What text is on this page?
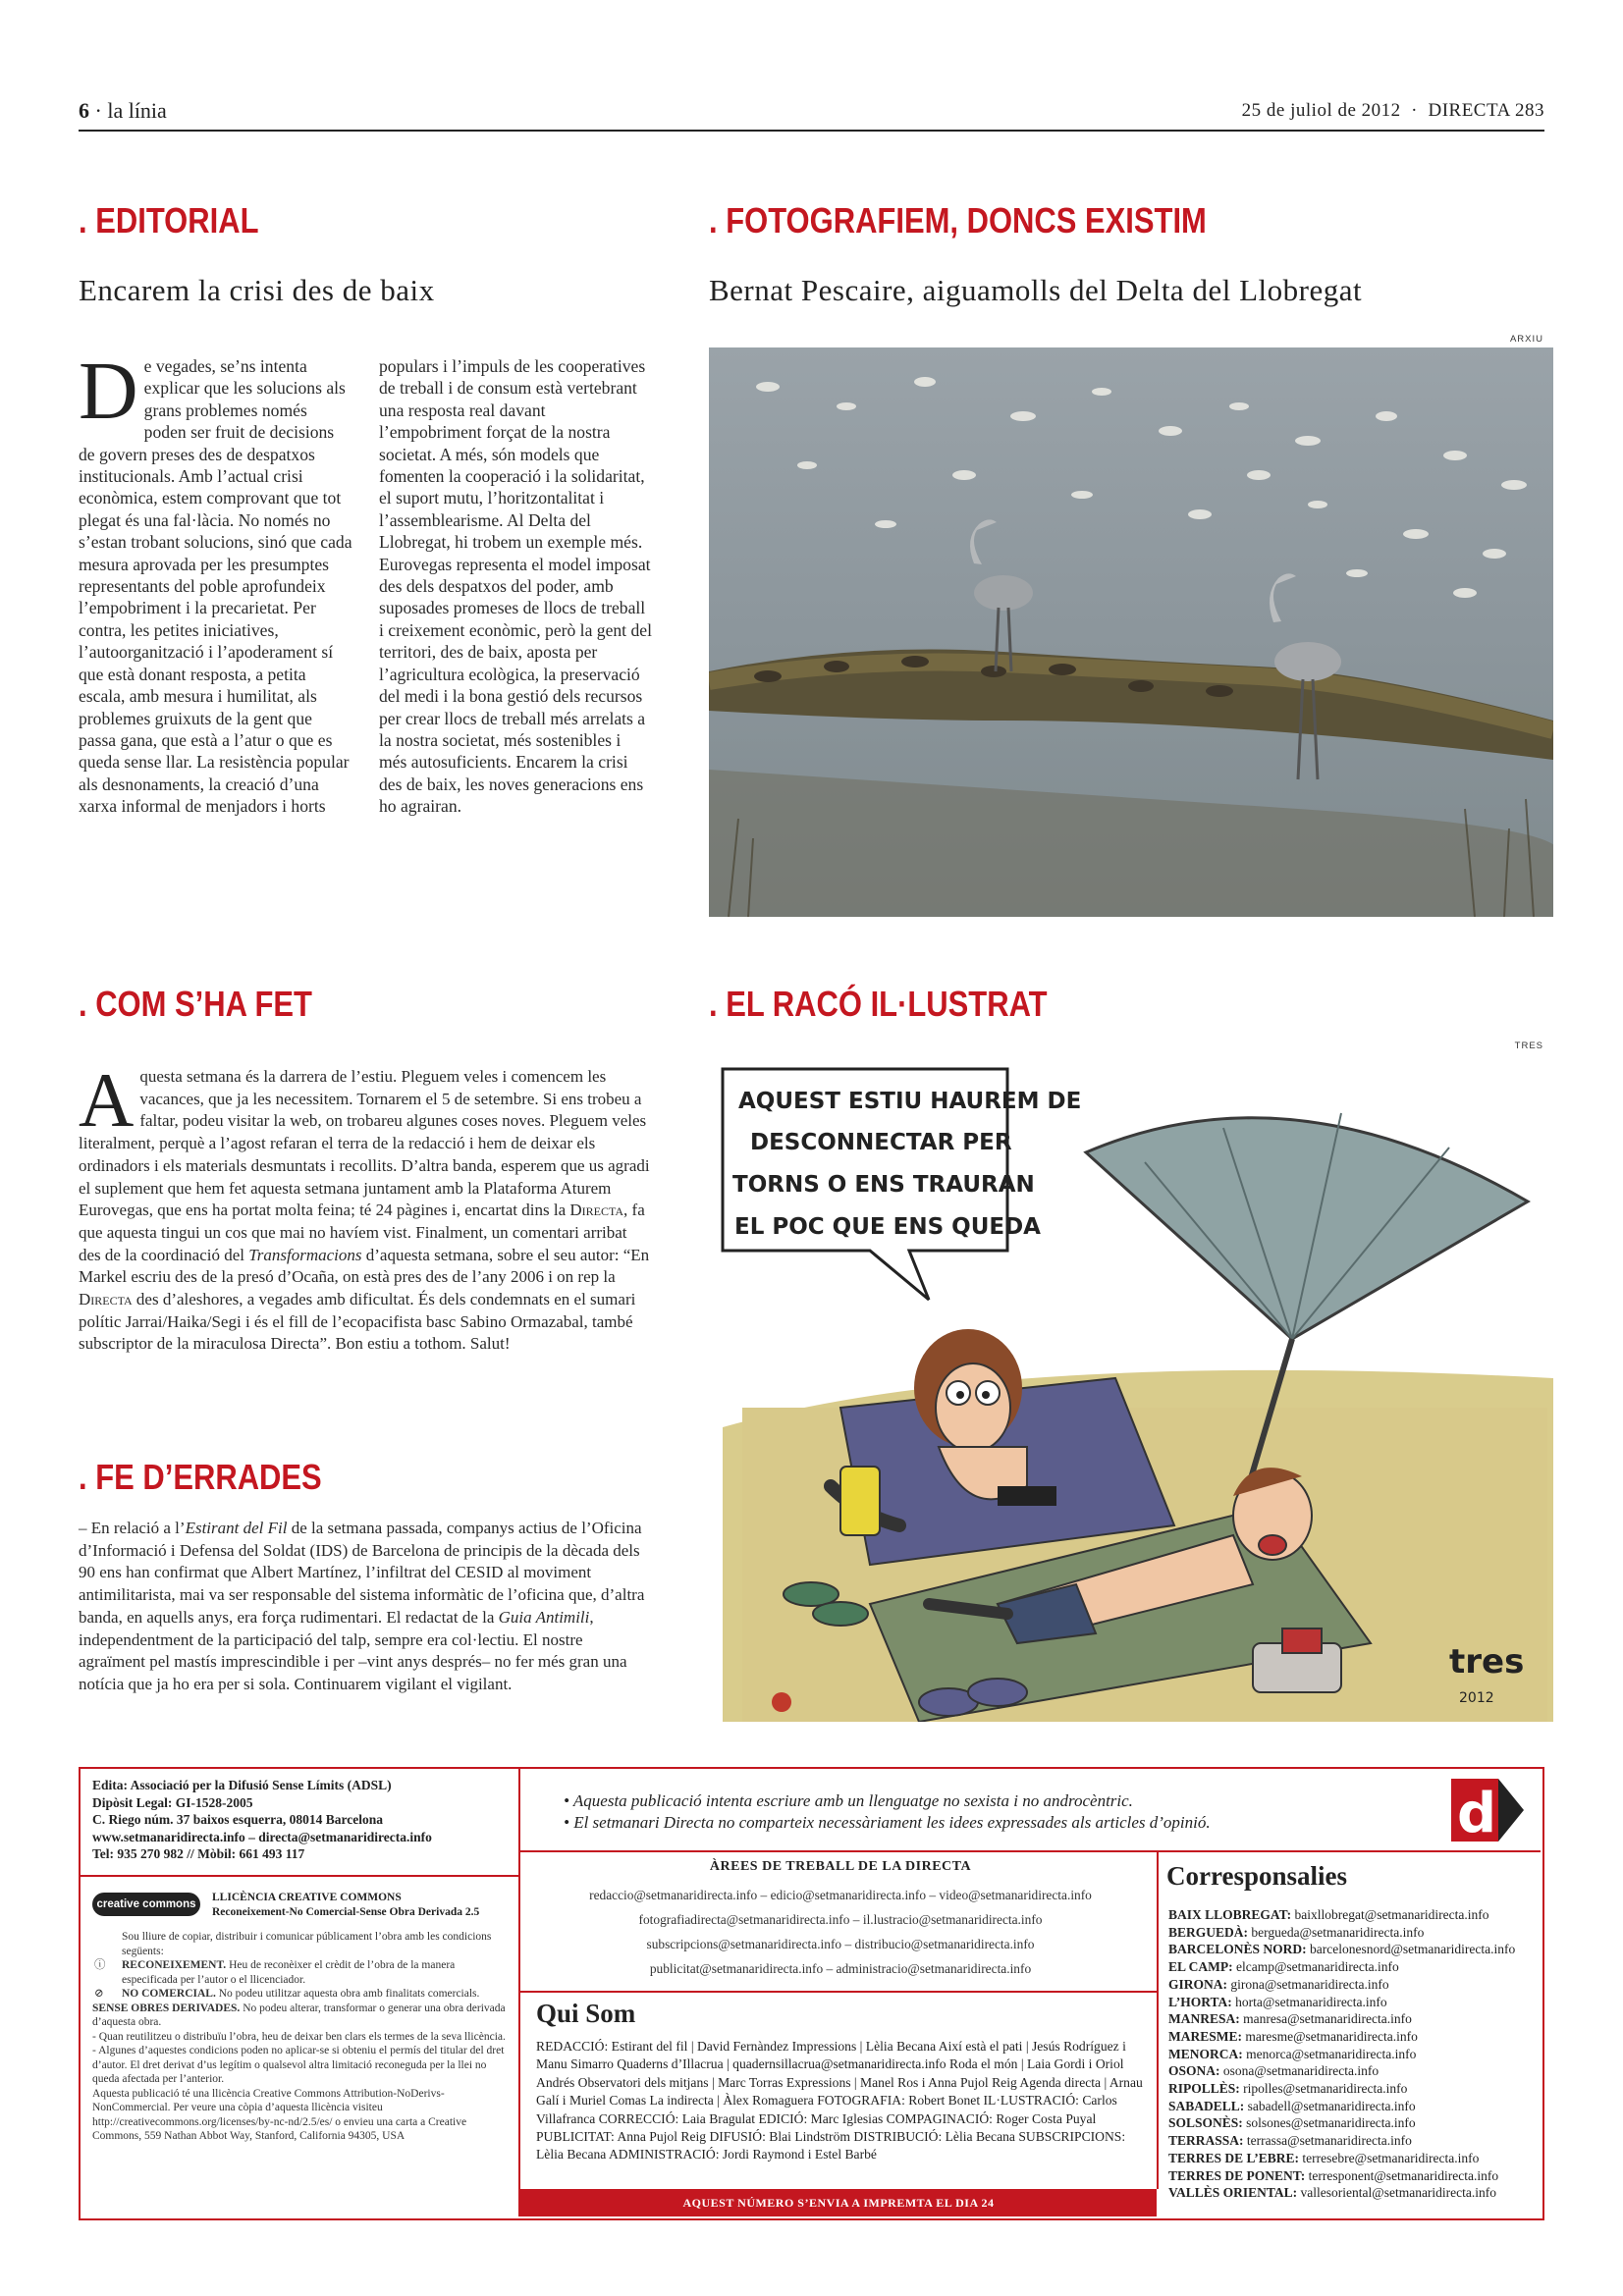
6 · la línia	25 de juliol de 2012  ·  DIRECTA 283
. EDITORIAL
Encarem la crisi des de baix
De vegades, se’ns intenta explicar que les solucions als grans problemes només poden ser fruit de decisions de govern preses des de despatxos institucionals. Amb l’actual crisi econòmica, estem comprovant que tot plegat és una fal·làcia. No només no s’estan trobant solucions, sinó que cada mesura aprovada per les presumptes representants del poble aprofundeix l’empobriment i la precarietat. Per contra, les petites iniciatives, l’autoorganització i l’apoderament sí que està donant resposta, a petita escala, amb mesura i humilitat, als problemes gruixuts de la gent que passa gana, que està a l’atur o que es queda sense llar. La resistència popular als desnonaments, la creació d’una xarxa informal de menjadors i horts
populars i l’impuls de les cooperatives de treball i de consum està vertebrant una resposta real davant l’empobriment forçat de la nostra societat. A més, són models que fomenten la cooperació i la solidaritat, el suport mutu, l’horitzontalitat i l’assemblearisme. Al Delta del Llobregat, hi trobem un exemple més. Eurovegas representa el model imposat des dels despatxos del poder, amb suposades promeses de llocs de treball i creixement econòmic, però la gent del territori, des de baix, aposta per l’agricultura ecològica, la preservació del medi i la bona gestió dels recursos per crear llocs de treball més arrelats a la nostra societat, més sostenibles i més autosuficients. Encarem la crisi des de baix, les noves generacions ens ho agrairan.
. FOTOGRAFIEM, DONCS EXISTIM
Bernat Pescaire, aiguamolls del Delta del Llobregat
ARXIU
. COM S’HA FET
Aquesta setmana és la darrera de l’estiu. Pleguem veles i comencem les vacances, que ja les necessitem. Tornarem el 5 de setembre. Si ens trobeu a faltar, podeu visitar la web, on trobareu algunes coses noves. Pleguem veles literalment, perquè a l’agost refaran el terra de la redacció i hem de deixar els ordinadors i els materials desmuntats i recollits. D’altra banda, esperem que us agradi el suplement que hem fet aquesta setmana juntament amb la Plataforma Aturem Eurovegas, que ens ha portat molta feina; té 24 pàgines i, encartat dins la Directa, fa que aquesta tingui un cos que mai no havíem vist. Finalment, un comentari arribat des de la coordinació del Transformacions d’aquesta setmana, sobre el seu autor: “En Markel escriu des de la presó d’Ocaña, on està pres des de l’any 2006 i on rep la Directa des d’aleshores, a vegades amb dificultat. És dels condemnats en el sumari polític Jarrai/Haika/Segi i és el fill de l’ecopacifista basc Sabino Ormazabal, també subscriptor de la miraculosa Directa”. Bon estiu a tothom. Salut!
. FE D’ERRADES
– En relació a l’Estirant del Fil de la setmana passada, companys actius de l’Oficina d’Informació i Defensa del Soldat (IDS) de Barcelona de principis de la dècada dels 90 ens han confirmat que Albert Martínez, l’infiltrat del CESID al moviment antimilitarista, mai va ser responsable del sistema informàtic de l’oficina que, d’altra banda, en aquells anys, era força rudimentari. El redactat de la Guia Antimili, independentment de la participació del talp, sempre era col·lectiu. El nostre agraïment pel mastís imprescindible i per –vint anys després– no fer més gran una notícia que ja ho era per si sola. Continuarem vigilant el vigilant.
. EL RACÓ IL·LUSTRAT
TRES
AQUEST ESTIU HAUREM DE
DESCONNECTAR PER
TORNS O ENS TRAURAN
EL POC QUE ENS QUEDA
tres
2012
Edita: Associació per la Difusió Sense Límits (ADSL)
Dipòsit Legal: GI-1528-2005
C. Riego núm. 37 baixos esquerra, 08014 Barcelona
www.setmanaridirecta.info – directa@setmanaridirecta.info
Tel: 935 270 982 // Mòbil: 661 493 117
creative commons
LLICÈNCIA CREATIVE COMMONS
Reconeixement-No Comercial-Sense Obra Derivada 2.5
Sou lliure de copiar, distribuir i comunicar públicament l’obra amb les condicions següents:
ⓘ RECONEIXEMENT. Heu de reconèixer el crèdit de l’obra de la manera especificada per l’autor o el llicenciador.
⊘ NO COMERCIAL. No podeu utilitzar aquesta obra amb finalitats comercials.
SENSE OBRES DERIVADES. No podeu alterar, transformar o generar una obra derivada d’aquesta obra.
- Quan reutilitzeu o distribuïu l’obra, heu de deixar ben clars els termes de la seva llicència.
- Algunes d’aquestes condicions poden no aplicar-se si obteniu el permís del titular del dret d’autor. El dret derivat d’us legítim o qualsevol altra limitació reconeguda per la llei no queda afectada per l’anterior.
Aquesta publicació té una llicència Creative Commons Attribution-NoDerivs-NonCommercial. Per veure una còpia d’aquesta llicència visiteu http://creativecommons.org/licenses/by-nc-nd/2.5/es/ o envieu una carta a Creative Commons, 559 Nathan Abbot Way, Stanford, California 94305, USA
• Aquesta publicació intenta escriure amb un llenguatge no sexista i no androcèntric.
• El setmanari Directa no comparteix necessàriament les idees expressades als articles d’opinió.	d
ÀREES DE TREBALL DE LA DIRECTA
redaccio@setmanaridirecta.info – edicio@setmanaridirecta.info – video@setmanaridirecta.info
fotografiadirecta@setmanaridirecta.info – il.lustracio@setmanaridirecta.info
subscripcions@setmanaridirecta.info – distribucio@setmanaridirecta.info
publicitat@setmanaridirecta.info – administracio@setmanaridirecta.info
Qui Som
REDACCIÓ: Estirant del fil | David Fernàndez Impressions | Lèlia Becana Així està el pati | Jesús Rodríguez i Manu Simarro Quaderns d’Illacrua | quadernsillacrua@setmanaridirecta.info Roda el món | Laia Gordi i Oriol Andrés Observatori dels mitjans | Marc Torras Expressions | Manel Ros i Anna Pujol Reig Agenda directa | Arnau Galí i Muriel Comas La indirecta | Àlex Romaguera FOTOGRAFIA: Robert Bonet IL·LUSTRACIÓ: Carlos Villafranca CORRECCIÓ: Laia Bragulat EDICIÓ: Marc Iglesias COMPAGINACIÓ: Roger Costa Puyal PUBLICITAT: Anna Pujol Reig DIFUSIÓ: Blai Lindström DISTRIBUCIÓ: Lèlia Becana SUBSCRIPCIONS: Lèlia Becana ADMINISTRACIÓ: Jordi Raymond i Estel Barbé
AQUEST NÚMERO S’ENVIA A IMPREMTA EL DIA 24
Corresponsalies
BAIX LLOBREGAT: baixllobregat@setmanaridirecta.info
BERGUEDÀ: bergueda@setmanaridirecta.info
BARCELONÈS NORD: barcelonesnord@setmanaridirecta.info
EL CAMP: elcamp@setmanaridirecta.info
GIRONA: girona@setmanaridirecta.info
L’HORTA: horta@setmanaridirecta.info
MANRESA: manresa@setmanaridirecta.info
MARESME: maresme@setmanaridirecta.info
MENORCA: menorca@setmanaridirecta.info
OSONA: osona@setmanaridirecta.info
RIPOLLÈS: ripolles@setmanaridirecta.info
SABADELL: sabadell@setmanaridirecta.info
SOLSONÈS: solsones@setmanaridirecta.info
TERRASSA: terrassa@setmanaridirecta.info
TERRES DE L’EBRE: terresebre@setmanaridirecta.info
TERRES DE PONENT: terresponent@setmanaridirecta.info
VALLÈS ORIENTAL: vallesoriental@setmanaridirecta.info
